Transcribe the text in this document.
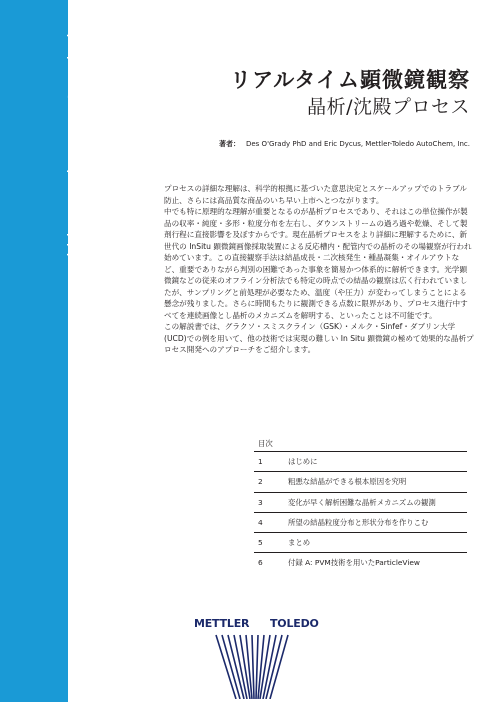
Crystallization Guide	リアルタイム顕微鏡観察
晶析/沈殿プロセス
著者： Des O'Grady PhD and Eric Dycus, Mettler-Toledo AutoChem, Inc.

プロセスの詳細な理解は、科学的根拠に基づいた意思決定とスケールアップでのトラブル防止、さらには高品質な商品のいち早い上市へとつながります。

中でも特に原理的な理解が重要となるのが晶析プロセスであり、それはこの単位操作が製品の収率・純度・多形・粒度分布を左右し、ダウンストリームの過ろ過や乾燥、そして製剤行程に直接影響を及ぼすからです。現在晶析プロセスをより詳細に理解するために、新世代の InSitu 顕微鏡画像採取装置による反応槽内・配管内での晶析のその場観察が行われ始めています。この直接観察手法は結晶成長・二次核発生・種晶凝集・オイルアウトなど、重要でありながら判別の困難であった事象を簡易かつ体系的に解析できます。光学顕微鏡などの従来のオフライン分析法でも特定の時点での結晶の観察は広く行われていましたが、サンプリングと前処理が必要なため、温度（や圧力）が変わってしまうことによる懸念が残りました。さらに時間もたりに観測できる点数に限界があり、プロセス進行中すべてを連続画像とし晶析のメカニズムを解明する、といったことは不可能です。

この解説書では、グラクソ・スミスクライン（GSK）・メルク・Sinfef・ダブリン大学(UCD)での例を用いて、他の技術では実現の難しい In Situ 顕微鏡の極めて効果的な晶析プロセス開発へのアプローチをご紹介します。

目次
1	はじめに
2	粗悪な結晶ができる根本原因を究明
3	変化が早く解析困難な晶析メカニズムの観測
4	所望の結晶粒度分布と形状分布を作りこむ
5	まとめ
6	付録 A: PVM技術を用いたParticleView
METTLER TOLEDO
